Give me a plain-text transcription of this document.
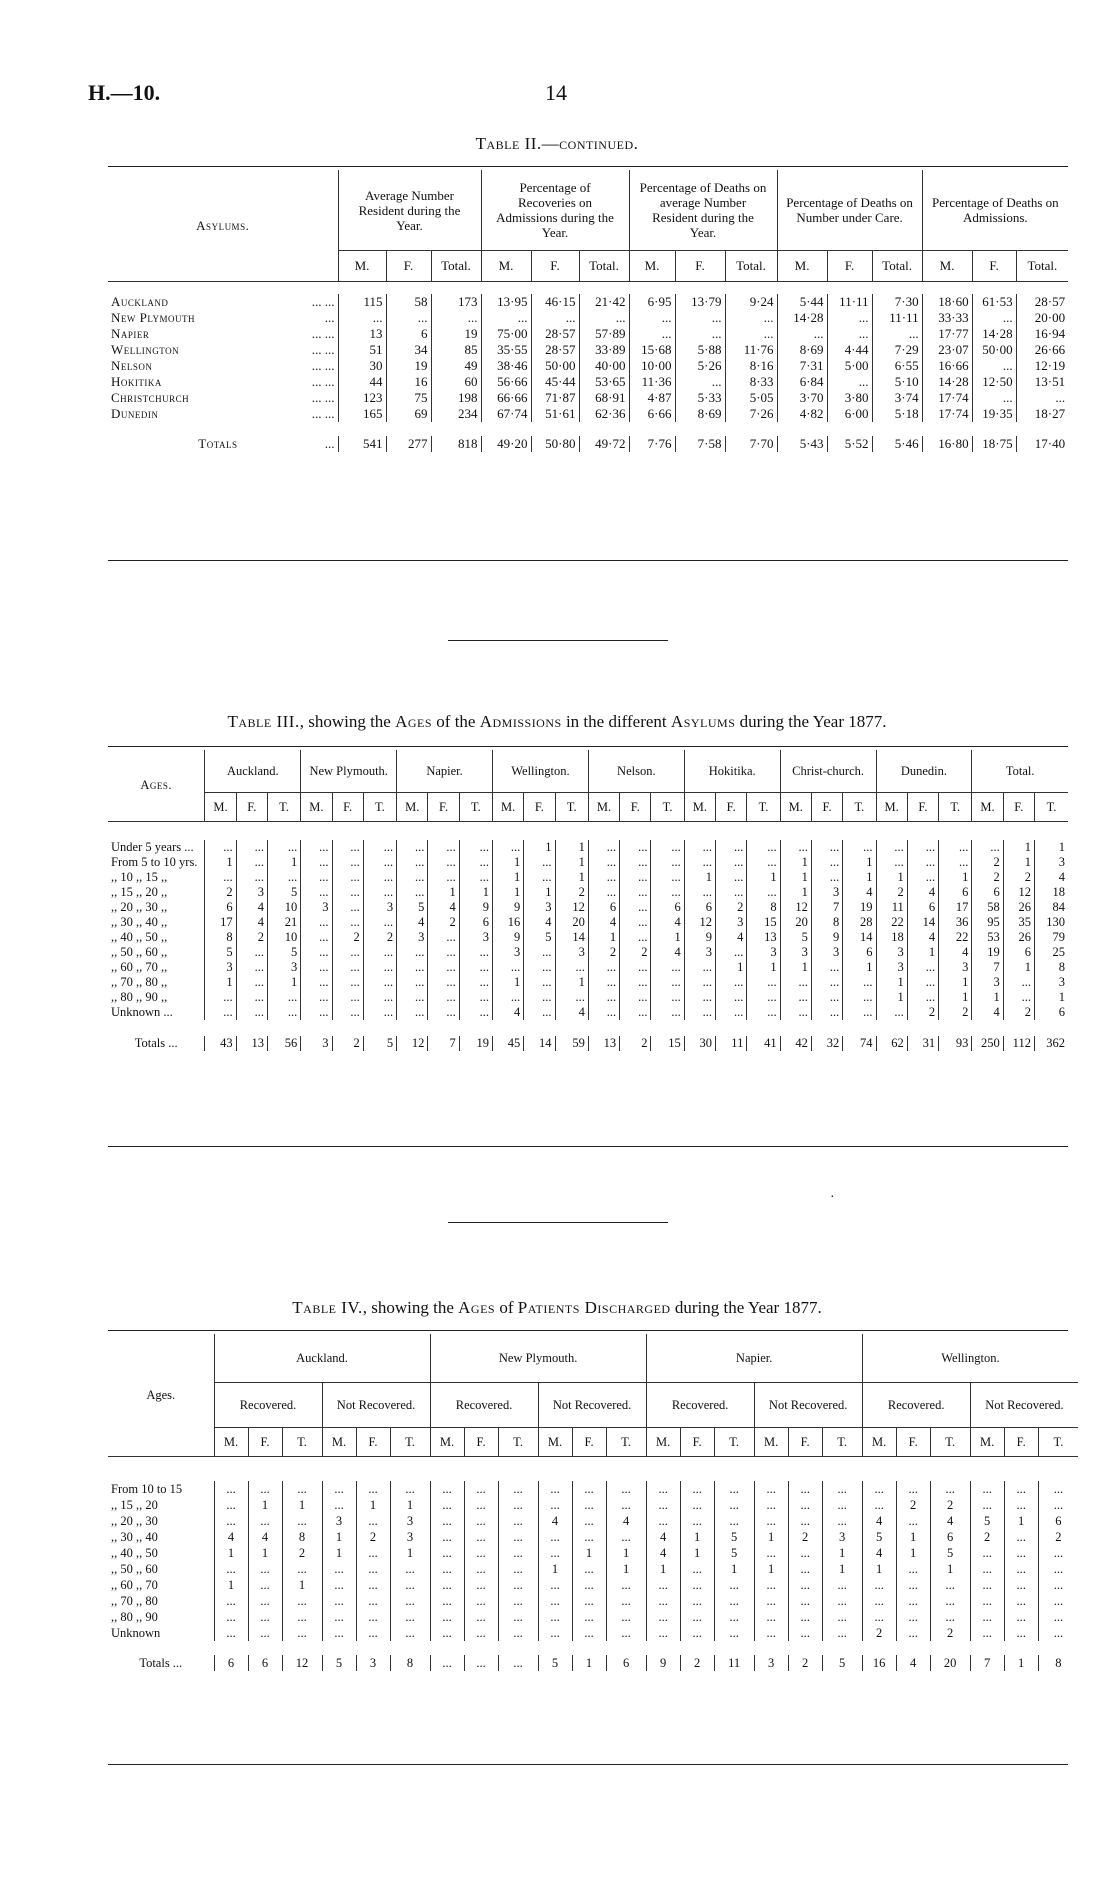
H.—10.	14
Table II.—continued.
Asylums.	Average Number Resident during the Year.			Percentage of Recoveries on Admissions during the Year.			Percentage of Deaths on average Number Resident during the Year.			Percentage of Deaths on Number under Care.			Percentage of Deaths on Admissions.		
	M.	F.	Total.	M.	F.	Total.	M.	F.	Total.	M.	F.	Total.	M.	F.	Total.

Auckland ... ...	115	58	173	13·95	46·15	21·42	6·95	13·79	9·24	5·44	11·11	7·30	18·60	61·53	28·57
New Plymouth ...	...	...	...	...	...	...	...	...	...	14·28	...	11·11	33·33	...	20·00
Napier ... ...	13	6	19	75·00	28·57	57·89	...	...	...	...	...	...	17·77	14·28	16·94
Wellington ... ...	51	34	85	35·55	28·57	33·89	15·68	5·88	11·76	8·69	4·44	7·29	23·07	50·00	26·66
Nelson ... ...	30	19	49	38·46	50·00	40·00	10·00	5·26	8·16	7·31	5·00	6·55	16·66	...	12·19
Hokitika ... ...	44	16	60	56·66	45·44	53·65	11·36	...	8·33	6·84	...	5·10	14·28	12·50	13·51
Christchurch ... ...	123	75	198	66·66	71·87	68·91	4·87	5·33	5·05	3·70	3·80	3·74	17·74	...	...
Dunedin ... ...	165	69	234	67·74	51·61	62·36	6·66	8·69	7·26	4·82	6·00	5·18	17·74	19·35	18·27

Totals ...	541	277	818	49·20	50·80	49·72	7·76	7·58	7·70	5·43	5·52	5·46	16·80	18·75	17·40

Table III., showing the Ages of the Admissions in the different Asylums during the Year 1877.
Ages.	Auckland.			New Plymouth.			Napier.			Wellington.			Nelson.			Hokitika.			Christ-church.			Dunedin.			Total.		
	M.	F.	T.	M.	F.	T.	M.	F.	T.	M.	F.	T.	M.	F.	T.	M.	F.	T.	M.	F.	T.	M.	F.	T.	M.	F.	T.

Under 5 years ...	...	...	...	...	...	...	...	...	...	...	1	1	...	...	...	...	...	...	...	...	...	...	...	...	...	1	1
From 5 to 10 yrs.	1	...	1	...	...	...	...	...	...	1	...	1	...	...	...	...	...	...	1	...	1	...	...	...	2	1	3
,, 10 ,, 15 ,,	...	...	...	...	...	...	...	...	...	1	...	1	...	...	...	1	...	1	1	...	1	1	...	1	2	2	4
,, 15 ,, 20 ,,	2	3	5	...	...	...	...	1	1	1	1	2	...	...	...	...	...	...	1	3	4	2	4	6	6	12	18
,, 20 ,, 30 ,,	6	4	10	3	...	3	5	4	9	9	3	12	6	...	6	6	2	8	12	7	19	11	6	17	58	26	84
,, 30 ,, 40 ,,	17	4	21	...	...	...	4	2	6	16	4	20	4	...	4	12	3	15	20	8	28	22	14	36	95	35	130
,, 40 ,, 50 ,,	8	2	10	...	2	2	3	...	3	9	5	14	1	...	1	9	4	13	5	9	14	18	4	22	53	26	79
,, 50 ,, 60 ,,	5	...	5	...	...	...	...	...	...	3	...	3	2	2	4	3	...	3	3	3	6	3	1	4	19	6	25
,, 60 ,, 70 ,,	3	...	3	...	...	...	...	...	...	...	...	...	...	...	...	...	1	1	1	...	1	3	...	3	7	1	8
,, 70 ,, 80 ,,	1	...	1	...	...	...	...	...	...	1	...	1	...	...	...	...	...	...	...	...	...	1	...	1	3	...	3
,, 80 ,, 90 ,,	...	...	...	...	...	...	...	...	...	...	...	...	...	...	...	...	...	...	...	...	...	1	...	1	1	...	1
Unknown ...	...	...	...	...	...	...	...	...	...	4	...	4	...	...	...	...	...	...	...	...	...	...	2	2	4	2	6

Totals ...	43	13	56	3	2	5	12	7	19	45	14	59	13	2	15	30	11	41	42	32	74	62	31	93	250	112	362

Table IV., showing the Ages of Patients Discharged during the Year 1877.
Ages.	Auckland.						New Plymouth.						Napier.						Wellington.					
	Recovered.			Not Recovered.			Recovered.			Not Recovered.			Recovered.			Not Recovered.			Recovered.			Not Recovered.		
	M.	F.	T.	M.	F.	T.	M.	F.	T.	M.	F.	T.	M.	F.	T.	M.	F.	T.	M.	F.	T.	M.	F.	T.

From 10 to 15	...	...	...	...	...	...	...	...	...	...	...	...	...	...	...	...	...	...	...	...	...	...	...	...
,, 15 ,, 20	...	1	1	...	1	1	...	...	...	...	...	...	...	...	...	...	...	...	...	2	2	...	...	...
,, 20 ,, 30	...	...	...	3	...	3	...	...	...	4	...	4	...	...	...	...	...	...	4	...	4	5	1	6
,, 30 ,, 40	4	4	8	1	2	3	...	...	...	...	...	...	4	1	5	1	2	3	5	1	6	2	...	2
,, 40 ,, 50	1	1	2	1	...	1	...	...	...	...	1	1	4	1	5	...	...	1	4	1	5	...	...	...
,, 50 ,, 60	...	...	...	...	...	...	...	...	...	1	...	1	1	...	1	1	...	1	1	...	1	...	...	...
,, 60 ,, 70	1	...	1	...	...	...	...	...	...	...	...	...	...	...	...	...	...	...	...	...	...	...	...	...
,, 70 ,, 80	...	...	...	...	...	...	...	...	...	...	...	...	...	...	...	...	...	...	...	...	...	...	...	...
,, 80 ,, 90	...	...	...	...	...	...	...	...	...	...	...	...	...	...	...	...	...	...	...	...	...	...	...	...
Unknown	...	...	...	...	...	...	...	...	...	...	...	...	...	...	...	...	...	...	2	...	2	...	...	...

Totals ...	6	6	12	5	3	8	...	...	...	5	1	6	9	2	11	3	2	5	16	4	20	7	1	8

·
